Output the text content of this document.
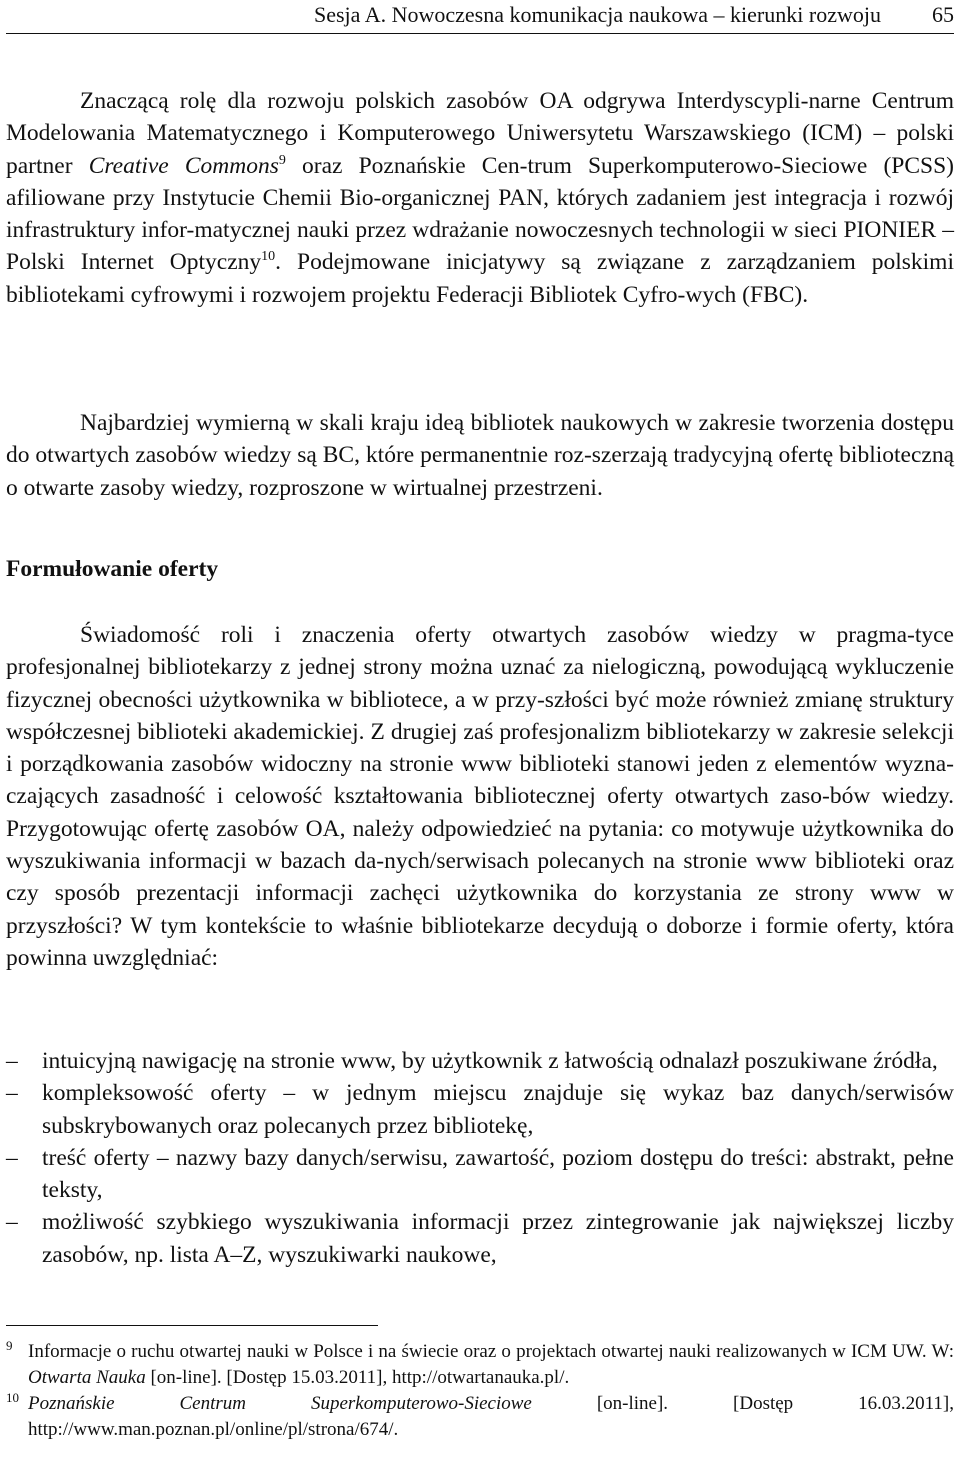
Sesja A. Nowoczesna komunikacja naukowa – kierunki rozwoju 65
Znaczącą rolę dla rozwoju polskich zasobów OA odgrywa Interdyscypli-narne Centrum Modelowania Matematycznego i Komputerowego Uniwersytetu Warszawskiego (ICM) – polski partner Creative Commons$^9$ oraz Poznańskie Cen-trum Superkomputerowo-Sieciowe (PCSS) afiliowane przy Instytucie Chemii Bio-organicznej PAN, których zadaniem jest integracja i rozwój infrastruktury infor-matycznej nauki przez wdrażanie nowoczesnych technologii w sieci PIONIER – Polski Internet Optyczny$^{10}$. Podejmowane inicjatywy są związane z zarządzaniem polskimi bibliotekami cyfrowymi i rozwojem projektu Federacji Bibliotek Cyfro-wych (FBC).
Najbardziej wymierną w skali kraju ideą bibliotek naukowych w zakresie tworzenia dostępu do otwartych zasobów wiedzy są BC, które permanentnie roz-szerzają tradycyjną ofertę biblioteczną o otwarte zasoby wiedzy, rozproszone w wirtualnej przestrzeni.
Formułowanie oferty
Świadomość roli i znaczenia oferty otwartych zasobów wiedzy w pragma-tyce profesjonalnej bibliotekarzy z jednej strony można uznać za nielogiczną, powodującą wykluczenie fizycznej obecności użytkownika w bibliotece, a w przy-szłości być może również zmianę struktury współczesnej biblioteki akademickiej. Z drugiej zaś profesjonalizm bibliotekarzy w zakresie selekcji i porządkowania zasobów widoczny na stronie www biblioteki stanowi jeden z elementów wyzna-czających zasadność i celowość kształtowania bibliotecznej oferty otwartych zaso-bów wiedzy. Przygotowując ofertę zasobów OA, należy odpowiedzieć na pytania: co motywuje użytkownika do wyszukiwania informacji w bazach da-nych/serwisach polecanych na stronie www biblioteki oraz czy sposób prezentacji informacji zachęci użytkownika do korzystania ze strony www w przyszłości? W tym kontekście to właśnie bibliotekarze decydują o doborze i formie oferty, która powinna uwzględniać:
– intuicyjną nawigację na stronie www, by użytkownik z łatwością odnalazł poszukiwane źródła,
– kompleksowość oferty – w jednym miejscu znajduje się wykaz baz danych/serwisów subskrybowanych oraz polecanych przez bibliotekę,
– treść oferty – nazwy bazy danych/serwisu, zawartość, poziom dostępu do treści: abstrakt, pełne teksty,
– możliwość szybkiego wyszukiwania informacji przez zintegrowanie jak największej liczby zasobów, np. lista A–Z, wyszukiwarki naukowe,
9 Informacje o ruchu otwartej nauki w Polsce i na świecie oraz o projektach otwartej nauki realizowanych w ICM UW. W: Otwarta Nauka [on-line]. [Dostęp 15.03.2011], http://otwartanauka.pl/.
10 Poznańskie Centrum Superkomputerowo-Sieciowe [on-line]. [Dostęp 16.03.2011], http://www.man.poznan.pl/online/pl/strona/674/.
